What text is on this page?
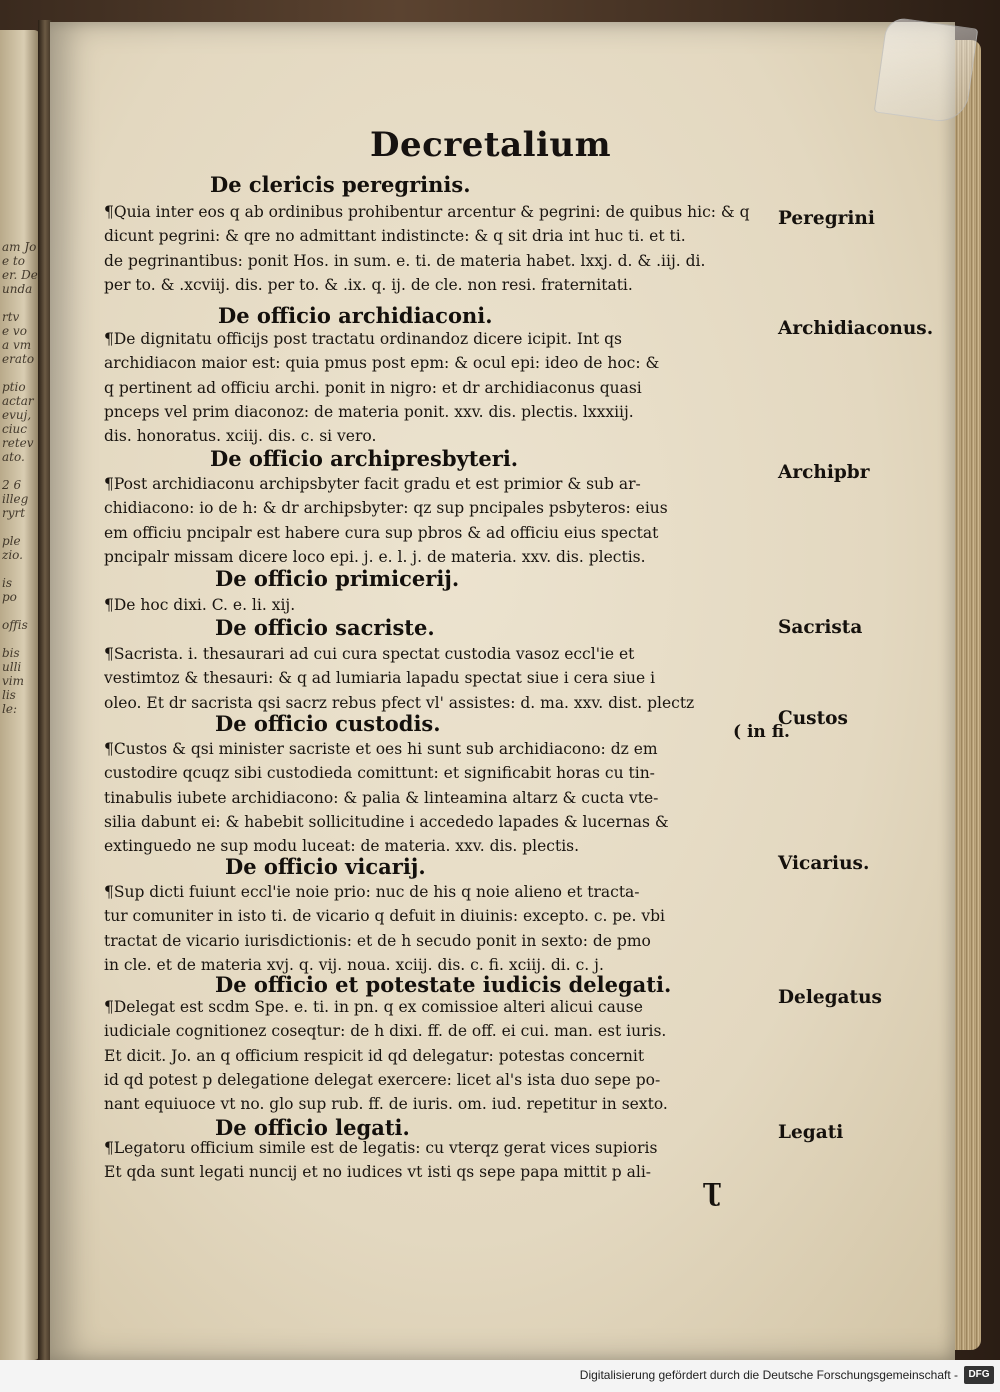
am Jo
e to
er. De
unda

rtv
e vo
a vm
erato

ptio
actar
evuj,
ciuc
retev
ato.

2 6
illeg
ryrt

ple
zio.

is
po

offis

bis
ulli
vim
lis
le:
Decretalium
De clericis peregrinis.
¶Quia inter eos q ab ordinibus prohibentur arcentur & pegrini: de quibus hic: & q
dicunt pegrini: & qre no admittant indistincte: & q sit dria int huc ti. et ti.
de pegrinantibus: ponit Hos. in sum. e. ti. de materia habet. lxxj. d. & .iij. di.
per to. & .xcviij. dis. per to. & .ix. q. ij. de cle. non resi. fraternitati.
Peregrini
De officio archidiaconi.
¶De dignitatu officijs post tractatu ordinandoz dicere icipit. Int qs
archidiacon maior est: quia pmus post epm: & ocul epi: ideo de hoc: &
q pertinent ad officiu archi. ponit in nigro: et dr archidiaconus quasi
pnceps vel prim diaconoz: de materia ponit. xxv. dis. plectis. lxxxiij.
dis. honoratus. xciij. dis. c. si vero.
Archidiaconus.
De officio archipresbyteri.
¶Post archidiaconu archipsbyter facit gradu et est primior & sub ar-
chidiacono: io de h: & dr archipsbyter: qz sup pncipales psbyteros: eius
em officiu pncipalr est habere cura sup pbros & ad officiu eius spectat
pncipalr missam dicere loco epi. j. e. l. j. de materia. xxv. dis. plectis.
Archipbr
De officio primicerij.
¶De hoc dixi. C. e. li. xij.
De officio sacriste.
¶Sacrista. i. thesaurari ad cui cura spectat custodia vasoz eccl'ie et
vestimtoz & thesauri: & q ad lumiaria lapadu spectat siue i cera siue i
oleo. Et dr sacrista qsi sacrz rebus pfect vl' assistes: d. ma. xxv. dist. plectz
Sacrista
De officio custodis.
¶Custos & qsi minister sacriste et oes hi sunt sub archidiacono: dz em
custodire qcuqz sibi custodieda comittunt: et significabit horas cu tin-
tinabulis iubete archidiacono: & palia & linteamina altarz & cucta vte-
silia dabunt ei: & habebit sollicitudine i accededo lapades & lucernas &
extinguedo ne sup modu luceat: de materia. xxv. dis. plectis.
Custos
De officio vicarij.
¶Sup dicti fuiunt eccl'ie noie prio: nuc de his q noie alieno et tracta-
tur comuniter in isto ti. de vicario q defuit in diuinis: excepto. c. pe. vbi
tractat de vicario iurisdictionis: et de h secudo ponit in sexto: de pmo
in cle. et de materia xvj. q. vij. noua. xciij. dis. c. fi. xciij. di. c. j.
Vicarius.
De officio et potestate iudicis delegati.
¶Delegat est scdm Spe. e. ti. in pn. q ex comissioe alteri alicui cause
iudiciale cognitionez coseqtur: de h dixi. ff. de off. ei cui. man. est iuris.
Et dicit. Jo. an q officium respicit id qd delegatur: potestas concernit
id qd potest p delegatione delegat exercere: licet al's ista duo sepe po-
nant equiuoce vt no. glo sup rub. ff. de iuris. om. iud. repetitur in sexto.
Delegatus
De officio legati.
¶Legatoru officium simile est de legatis: cu vterqz gerat vices supioris
Et qda sunt legati nuncij et no iudices vt isti qs sepe papa mittit p ali-
Legati
( in fi.
Ʈ
Digitalisierung gefördert durch die Deutsche Forschungsgemeinschaft -	DFG
